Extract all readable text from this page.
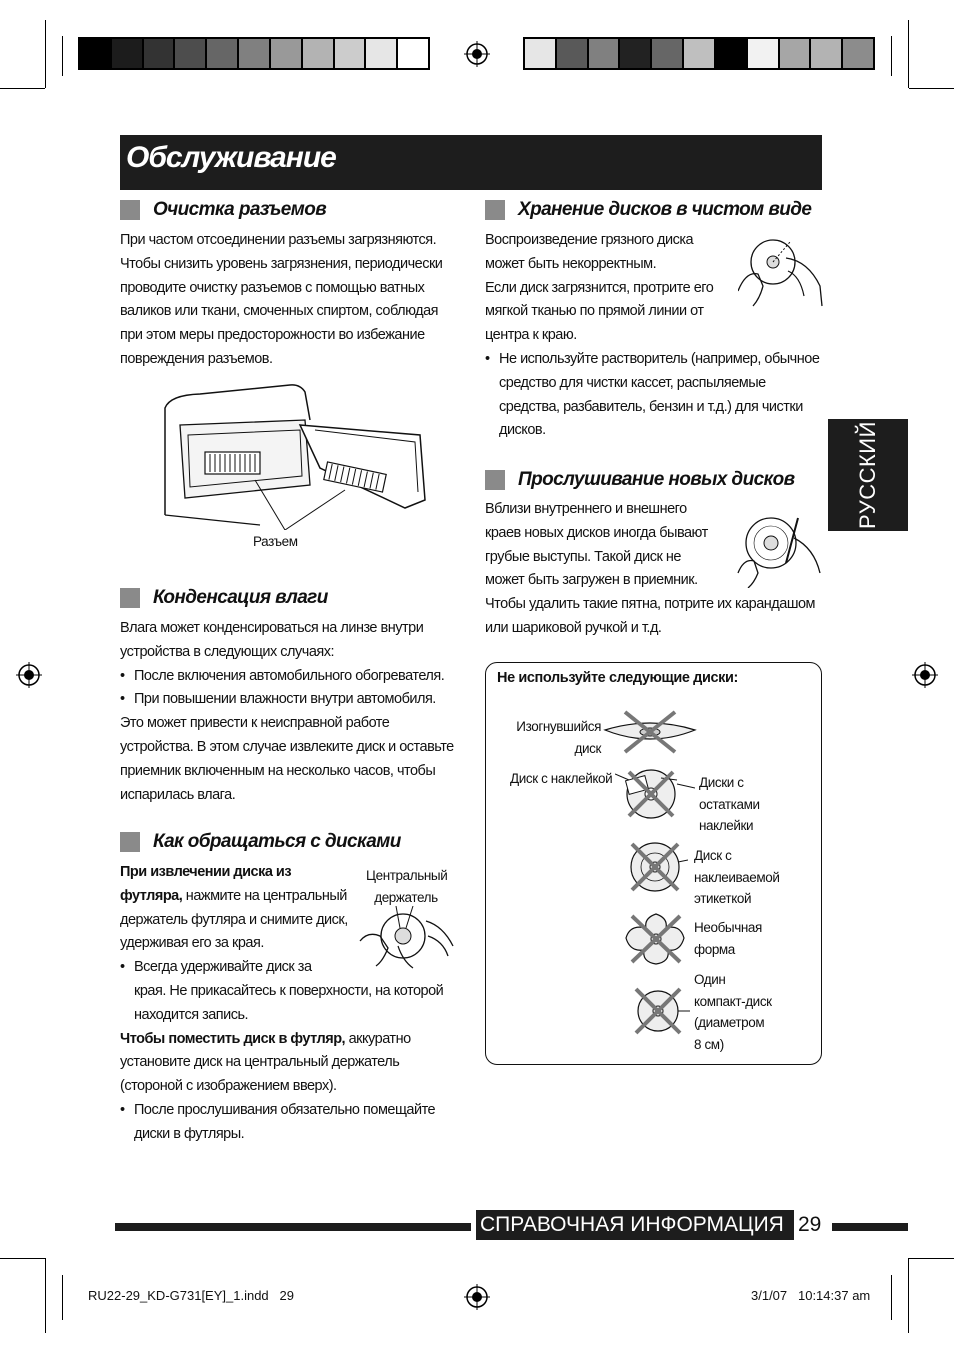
Обслуживание
РУССКИЙ
Очистка разъемов
При частом отсоединении разъемы загрязняются.
Чтобы снизить уровень загрязнения, периодически
проводите очистку разъемов с помощью ватных
валиков или ткани, смоченных спиртом, соблюдая
при этом меры предосторожности во избежание
повреждения разъемов.
Разъем
Конденсация влаги
Влага может конденсироваться на линзе внутри
устройства в следующих случаях:
• После включения автомобильного обогревателя.
• При повышении влажности внутри автомобиля.
Это может привести к неисправной работе
устройства. В этом случае извлеките диск и оставьте
приемник включенным на несколько часов, чтобы
испарилась влага.
Как обращаться с дисками
При извлечении диска из
футляра, нажмите на центральный
держатель футляра и снимите диск,
удерживая его за края.
• Всегда удерживайте диск за
края. Не прикасайтесь к поверхности, на которой
находится запись.
Чтобы поместить диск в футляр, аккуратно
установите диск на центральный держатель
(стороной с изображением вверх).
• После прослушивания обязательно помещайте
диски в футляры.
Центральный
держатель
Хранение дисков в чистом виде
Воспроизведение грязного диска
может быть некорректным.
Если диск загрязнится, протрите его
мягкой тканью по прямой линии от
центра к краю.
• Не используйте растворитель (например, обычное
средство для чистки кассет, распыляемые
средства, разбавитель, бензин и т.д.) для чистки
дисков.
Прослушивание новых дисков
Вблизи внутреннего и внешнего
краев новых дисков иногда бывают
грубые выступы. Такой диск не
может быть загружен в приемник.
Чтобы удалить такие пятна, потрите их карандашом
или шариковой ручкой и т.д.
Не используйте следующие диски:
Изогнувшийся
диск
Диск с наклейкой	Диски с
остатками
наклейки
Диск с
наклеиваемой
этикеткой
Необычная
форма
Один
компакт-диск
(диаметром
8 см)
СПРАВОЧНАЯ ИНФОРМАЦИЯ 29
RU22-29_KD-G731[EY]_1.indd   29	3/1/07   10:14:37 am
